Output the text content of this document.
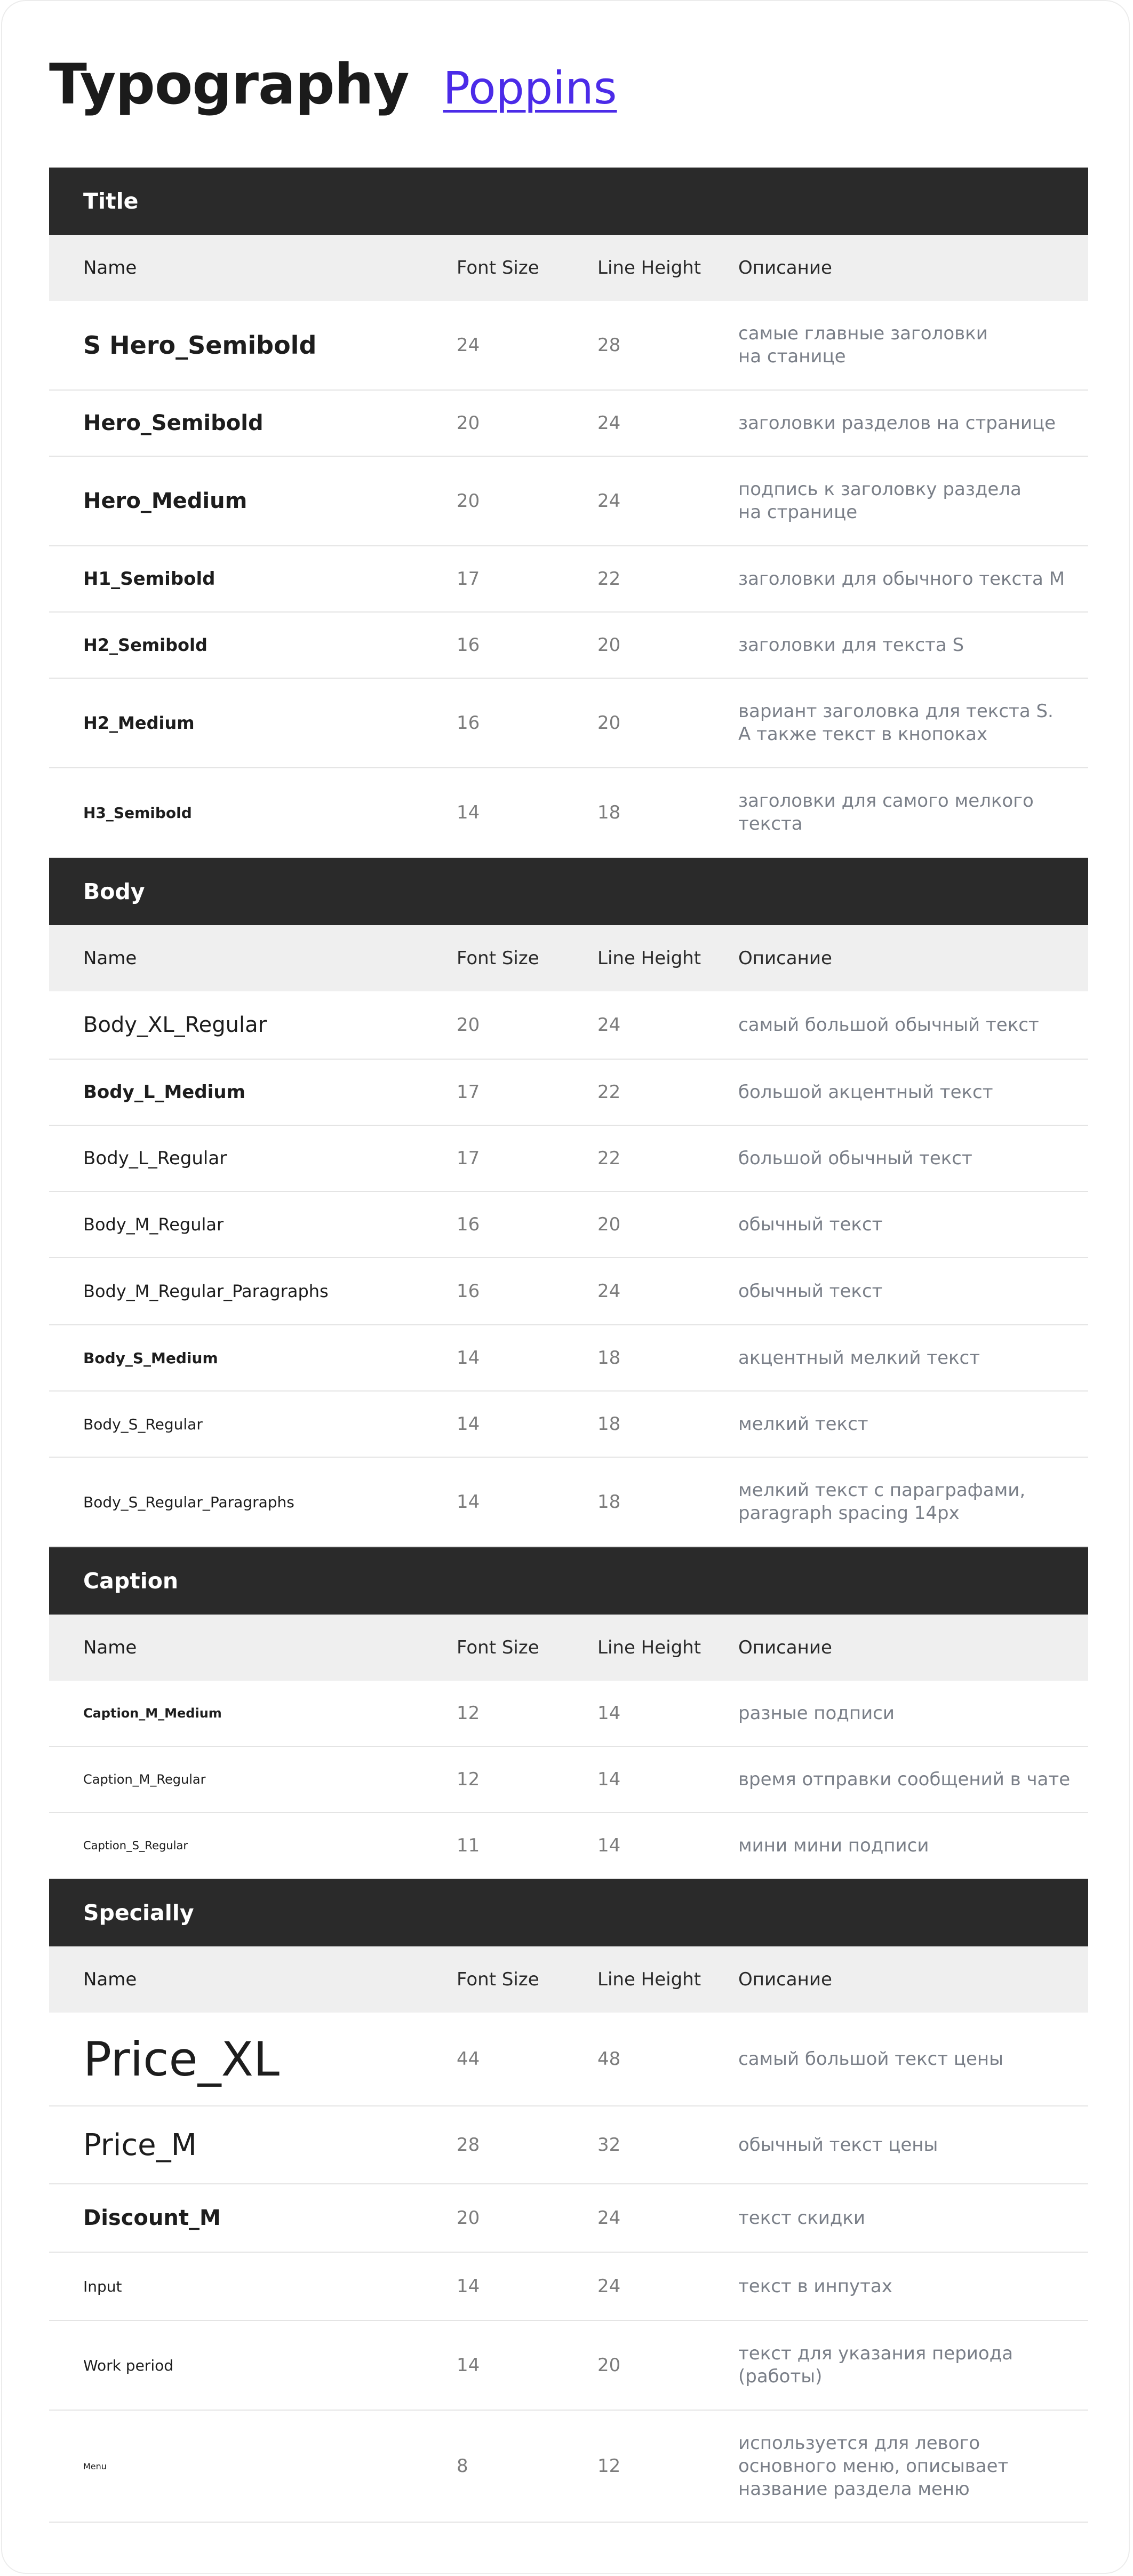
Typography Poppins
Title
Name	Font Size	Line Height	Описание
S Hero_Semibold	24	28
самые главные заголовки
на станице
Hero_Semibold	20	24	заголовки разделов на странице
Hero_Medium	20	24
подпись к заголовку раздела
на странице
H1_Semibold	17	22	заголовки для обычного текста M
H2_Semibold	16	20	заголовки для текста S
H2_Medium	16	20
вариант заголовка для текста S.
А также текст в кнопоках
H3_Semibold	14	18
заголовки для самого мелкого
текста
Body
Name	Font Size	Line Height	Описание
Body_XL_Regular	20	24	самый большой обычный текст
Body_L_Medium	17	22	большой акцентный текст
Body_L_Regular	17	22	большой обычный текст
Body_M_Regular	16	20	обычный текст
Body_M_Regular_Paragraphs	16	24	обычный текст
Body_S_Medium	14	18	акцентный мелкий текст
Body_S_Regular	14	18	мелкий текст
Body_S_Regular_Paragraphs	14	18
мелкий текст с параграфами,
paragraph spacing 14px
Caption
Name	Font Size	Line Height	Описание
Caption_M_Medium	12	14	разные подписи
Caption_M_Regular	12	14	время отправки сообщений в чате
Caption_S_Regular	11	14	мини мини подписи
Specially
Name	Font Size	Line Height	Описание
Price_XL	44	48	самый большой текст цены
Price_M	28	32	обычный текст цены
Discount_M	20	24	текст скидки
Input	14	24	текст в инпутах
Work period	14	20
текст для указания периода
(работы)
Menu	8	12
используется для левого
основного меню, описывает
название раздела меню
